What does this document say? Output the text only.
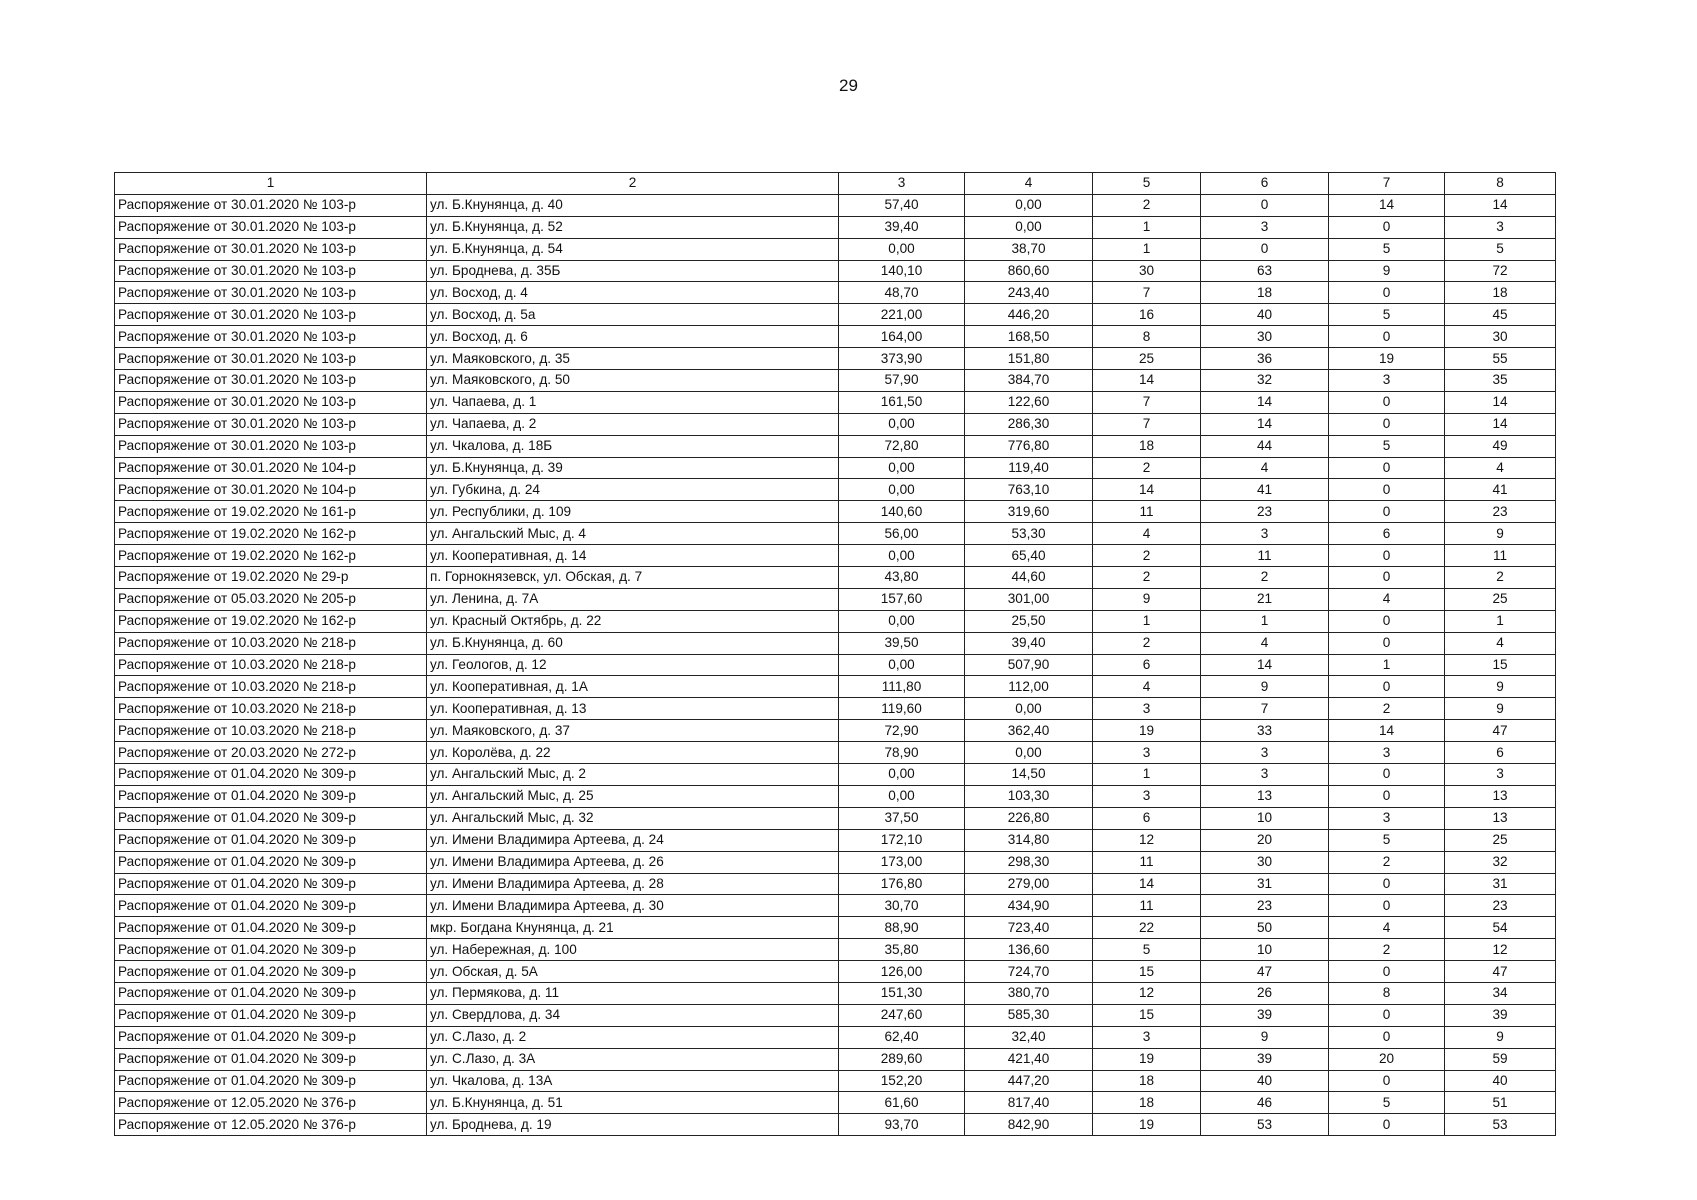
29
1	2	3	4	5	6	7	8
Распоряжение от 30.01.2020 № 103-р	ул. Б.Кнунянца, д. 40	57,40	0,00	2	0	14	14
Распоряжение от 30.01.2020 № 103-р	ул. Б.Кнунянца, д. 52	39,40	0,00	1	3	0	3
Распоряжение от 30.01.2020 № 103-р	ул. Б.Кнунянца, д. 54	0,00	38,70	1	0	5	5
Распоряжение от 30.01.2020 № 103-р	ул. Броднева, д. 35Б	140,10	860,60	30	63	9	72
Распоряжение от 30.01.2020 № 103-р	ул. Восход, д. 4	48,70	243,40	7	18	0	18
Распоряжение от 30.01.2020 № 103-р	ул. Восход, д. 5а	221,00	446,20	16	40	5	45
Распоряжение от 30.01.2020 № 103-р	ул. Восход, д. 6	164,00	168,50	8	30	0	30
Распоряжение от 30.01.2020 № 103-р	ул. Маяковского, д. 35	373,90	151,80	25	36	19	55
Распоряжение от 30.01.2020 № 103-р	ул. Маяковского, д. 50	57,90	384,70	14	32	3	35
Распоряжение от 30.01.2020 № 103-р	ул. Чапаева, д. 1	161,50	122,60	7	14	0	14
Распоряжение от 30.01.2020 № 103-р	ул. Чапаева, д. 2	0,00	286,30	7	14	0	14
Распоряжение от 30.01.2020 № 103-р	ул. Чкалова, д. 18Б	72,80	776,80	18	44	5	49
Распоряжение от 30.01.2020 № 104-р	ул. Б.Кнунянца, д. 39	0,00	119,40	2	4	0	4
Распоряжение от 30.01.2020 № 104-р	ул. Губкина, д. 24	0,00	763,10	14	41	0	41
Распоряжение от 19.02.2020 № 161-р	ул. Республики, д. 109	140,60	319,60	11	23	0	23
Распоряжение от 19.02.2020 № 162-р	ул. Ангальский Мыс, д. 4	56,00	53,30	4	3	6	9
Распоряжение от 19.02.2020 № 162-р	ул. Кооперативная, д. 14	0,00	65,40	2	11	0	11
Распоряжение от 19.02.2020 № 29-р	п. Горнокнязевск, ул. Обская, д. 7	43,80	44,60	2	2	0	2
Распоряжение от 05.03.2020 № 205-р	ул. Ленина, д. 7А	157,60	301,00	9	21	4	25
Распоряжение от 19.02.2020 № 162-р	ул. Красный Октябрь, д. 22	0,00	25,50	1	1	0	1
Распоряжение от 10.03.2020 № 218-р	ул. Б.Кнунянца, д. 60	39,50	39,40	2	4	0	4
Распоряжение от 10.03.2020 № 218-р	ул. Геологов, д. 12	0,00	507,90	6	14	1	15
Распоряжение от 10.03.2020 № 218-р	ул. Кооперативная, д. 1А	111,80	112,00	4	9	0	9
Распоряжение от 10.03.2020 № 218-р	ул. Кооперативная, д. 13	119,60	0,00	3	7	2	9
Распоряжение от 10.03.2020 № 218-р	ул. Маяковского, д. 37	72,90	362,40	19	33	14	47
Распоряжение от 20.03.2020 № 272-р	ул. Королёва, д. 22	78,90	0,00	3	3	3	6
Распоряжение от 01.04.2020 № 309-р	ул. Ангальский Мыс, д. 2	0,00	14,50	1	3	0	3
Распоряжение от 01.04.2020 № 309-р	ул. Ангальский Мыс, д. 25	0,00	103,30	3	13	0	13
Распоряжение от 01.04.2020 № 309-р	ул. Ангальский Мыс, д. 32	37,50	226,80	6	10	3	13
Распоряжение от 01.04.2020 № 309-р	ул. Имени Владимира Артеева, д. 24	172,10	314,80	12	20	5	25
Распоряжение от 01.04.2020 № 309-р	ул. Имени Владимира Артеева, д. 26	173,00	298,30	11	30	2	32
Распоряжение от 01.04.2020 № 309-р	ул. Имени Владимира Артеева, д. 28	176,80	279,00	14	31	0	31
Распоряжение от 01.04.2020 № 309-р	ул. Имени Владимира Артеева, д. 30	30,70	434,90	11	23	0	23
Распоряжение от 01.04.2020 № 309-р	мкр. Богдана Кнунянца, д. 21	88,90	723,40	22	50	4	54
Распоряжение от 01.04.2020 № 309-р	ул. Набережная, д. 100	35,80	136,60	5	10	2	12
Распоряжение от 01.04.2020 № 309-р	ул. Обская, д. 5А	126,00	724,70	15	47	0	47
Распоряжение от 01.04.2020 № 309-р	ул. Пермякова, д. 11	151,30	380,70	12	26	8	34
Распоряжение от 01.04.2020 № 309-р	ул. Свердлова, д. 34	247,60	585,30	15	39	0	39
Распоряжение от 01.04.2020 № 309-р	ул. С.Лазо, д. 2	62,40	32,40	3	9	0	9
Распоряжение от 01.04.2020 № 309-р	ул. С.Лазо, д. 3А	289,60	421,40	19	39	20	59
Распоряжение от 01.04.2020 № 309-р	ул. Чкалова, д. 13А	152,20	447,20	18	40	0	40
Распоряжение от 12.05.2020 № 376-р	ул. Б.Кнунянца, д. 51	61,60	817,40	18	46	5	51
Распоряжение от 12.05.2020 № 376-р	ул. Броднева, д. 19	93,70	842,90	19	53	0	53
